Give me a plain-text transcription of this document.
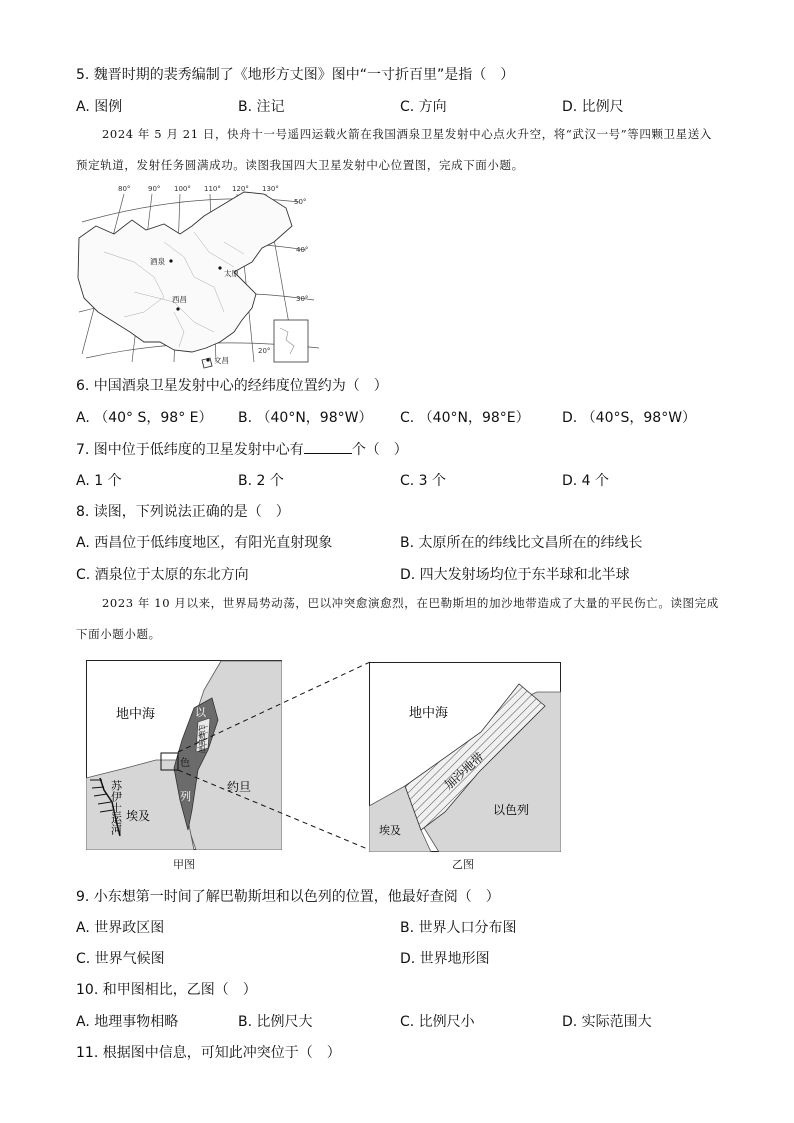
5. 魏晋时期的裴秀编制了《地形方丈图》图中“一寸折百里”是指（　）
A. 图例	B. 注记	C. 方向	D. 比例尺
2024 年 5 月 21 日，快舟十一号遥四运载火箭在我国酒泉卫星发射中心点火升空，将“武汉一号”等四颗卫星送入预定轨道，发射任务圆满成功。读图我国四大卫星发射中心位置图，完成下面小题。
80°	90° 100° 110° 120° 130°
50°
40°
30°
20°
酒泉
太原
西昌
文昌
6. 中国酒泉卫星发射中心的经纬度位置约为（　）
A. （40° S，98° E） B. （40°N，98°W） C. （40°N，98°E） D. （40°S，98°W）
7. 图中位于低纬度的卫星发射中心有	个（　）
A. 1 个	B. 2 个	C. 3 个	D. 4 个
8. 读图，下列说法正确的是（　）
A. 西昌位于低纬度地区，有阳光直射现象	B. 太原所在的纬线比文昌所在的纬线长
C. 酒泉位于太原的东北方向	D. 四大发射场均位于东半球和北半球
2023 年 10 月以来，世界局势动荡，巴以冲突愈演愈烈，在巴勒斯坦的加沙地带造成了大量的平民伤亡。读图完成下面小题小题。
地中海	以
色
列
巴勒斯坦
约旦
埃及
苏伊士运河
甲图
地中海
加沙地带
埃及
以色列
乙图
9. 小东想第一时间了解巴勒斯坦和以色列的位置，他最好查阅（　）
A. 世界政区图	B. 世界人口分布图
C. 世界气候图	D. 世界地形图
10. 和甲图相比，乙图（　）
A. 地理事物相略	B. 比例尺大	C. 比例尺小	D. 实际范围大
11. 根据图中信息，可知此冲突位于（　）
